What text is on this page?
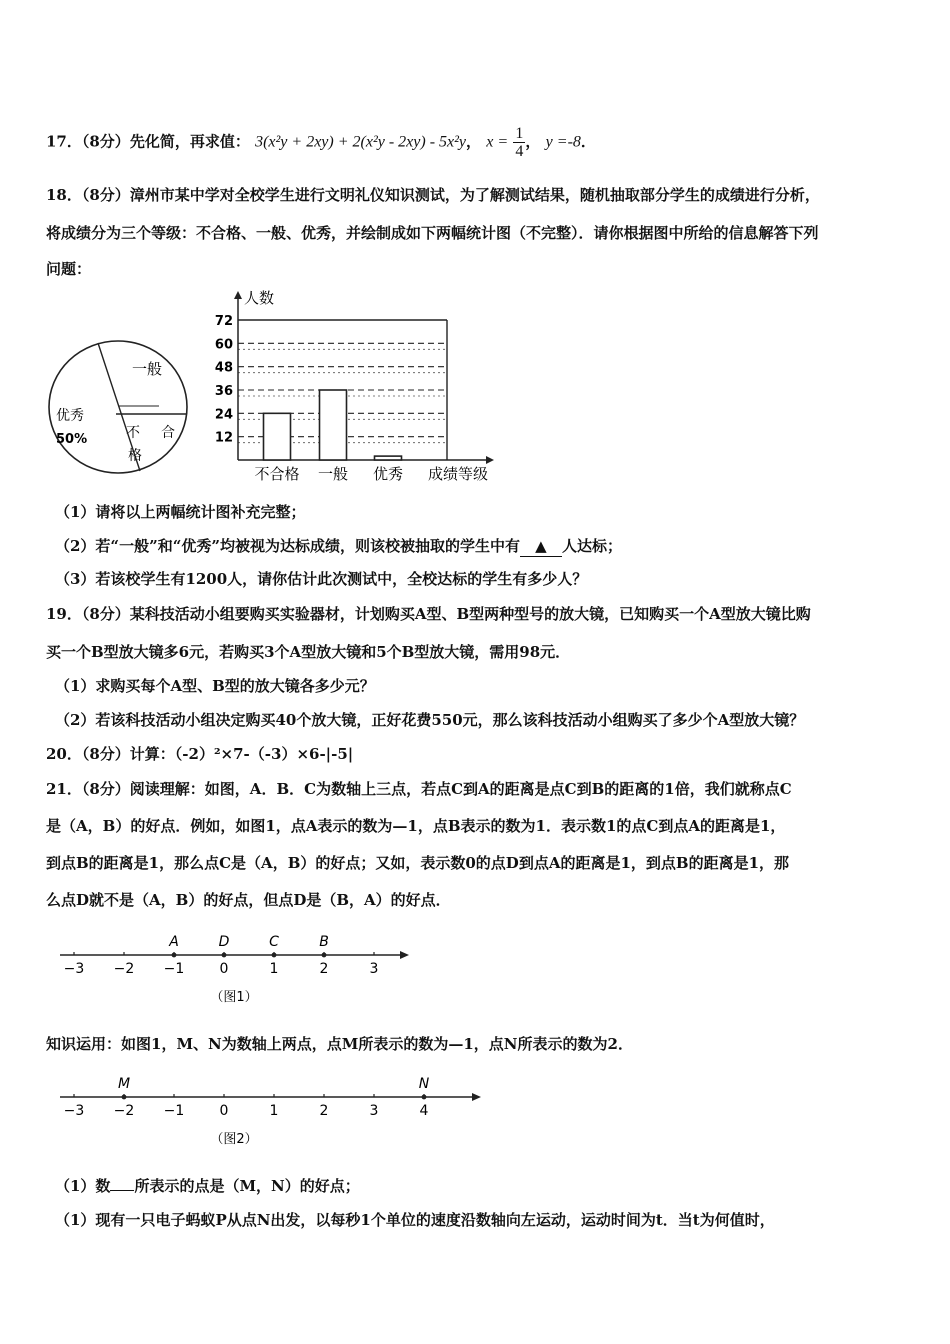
17．（8分）先化简，再求值： 3(x²y + 2xy) + 2(x²y - 2xy) - 5x²y， $x = \frac{1}{4}$ ， y =-8．
18．（8分）漳州市某中学对全校学生进行文明礼仪知识测试，为了解测试结果，随机抽取部分学生的成绩进行分析，
将成绩分为三个等级：不合格、一般、优秀，并绘制成如下两幅统计图（不完整）．请你根据图中所给的信息解答下列
问题：
一般
优秀
50%	不 合
格
12
24
36
48
60
72
人数
成绩等级
不合格 一般 优秀
（1）请将以上两幅统计图补充完整；
（2）若“一般”和“优秀”均被视为达标成绩，则该校被抽取的学生中有 ▲ 人达标；
（3）若该校学生有1200人，请你估计此次测试中，全校达标的学生有多少人？
19．（8分）某科技活动小组要购买实验器材，计划购买A型、B型两种型号的放大镜，已知购买一个A型放大镜比购
买一个B型放大镜多6元，若购买3个A型放大镜和5个B型放大镜，需用98元．
（1）求购买每个A型、B型的放大镜各多少元？
（2）若该科技活动小组决定购买40个放大镜，正好花费550元，那么该科技活动小组购买了多少个A型放大镜？
20．（8分）计算：（-2）²×7-（-3）×6-|-5|
21．（8分）阅读理解：如图，A．B．C为数轴上三点，若点C到A的距离是点C到B的距离的1倍，我们就称点C
是（A，B）的好点．例如，如图1，点A表示的数为—1，点B表示的数为1．表示数1的点C到点A的距离是1，
到点B的距离是1，那么点C是（A，B）的好点；又如，表示数0的点D到点A的距离是1，到点B的距离是1，那
么点D就不是（A，B）的好点，但点D是（B，A）的好点．
−3 −2 −1	0	1	2	3
A	D	C	B
（图1）
知识运用：如图1，M、N为数轴上两点，点M所表示的数为—1，点N所表示的数为2．
−3 −2 −1	0	1	2	3	4
M	N
（图2）
（1）数 所表示的点是（M，N）的好点；
（1）现有一只电子蚂蚁P从点N出发，以每秒1个单位的速度沿数轴向左运动，运动时间为t．当t为何值时，
